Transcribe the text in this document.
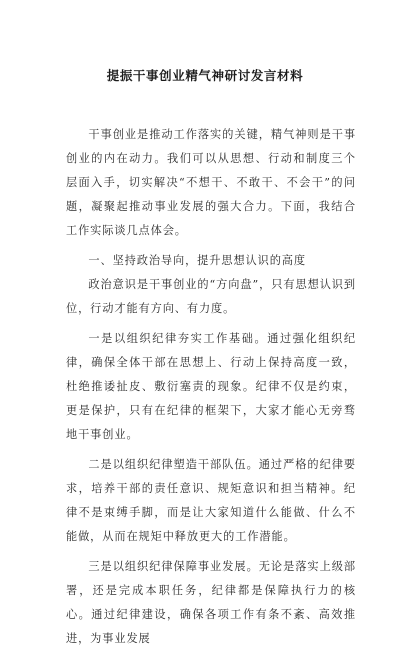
提振干事创业精气神研讨发言材料

干事创业是推动工作落实的关键，精气神则是干事创业的内在动力。我们可以从思想、行动和制度三个层面入手，切实解决“不想干、不敢干、不会干”的问题，凝聚起推动事业发展的强大合力。下面，我结合工作实际谈几点体会。

一、坚持政治导向，提升思想认识的高度

政治意识是干事创业的“方向盘”，只有思想认识到位，行动才能有方向、有力度。

一是以组织纪律夯实工作基础。通过强化组织纪律，确保全体干部在思想上、行动上保持高度一致，杜绝推诿扯皮、敷衍塞责的现象。纪律不仅是约束，更是保护，只有在纪律的框架下，大家才能心无旁骛地干事创业。

二是以组织纪律塑造干部队伍。通过严格的纪律要求，培养干部的责任意识、规矩意识和担当精神。纪律不是束缚手脚，而是让大家知道什么能做、什么不能做，从而在规矩中释放更大的工作潜能。

三是以组织纪律保障事业发展。无论是落实上级部署，还是完成本职任务，纪律都是保障执行力的核心。通过纪律建设，确保各项工作有条不紊、高效推进，为事业发展
